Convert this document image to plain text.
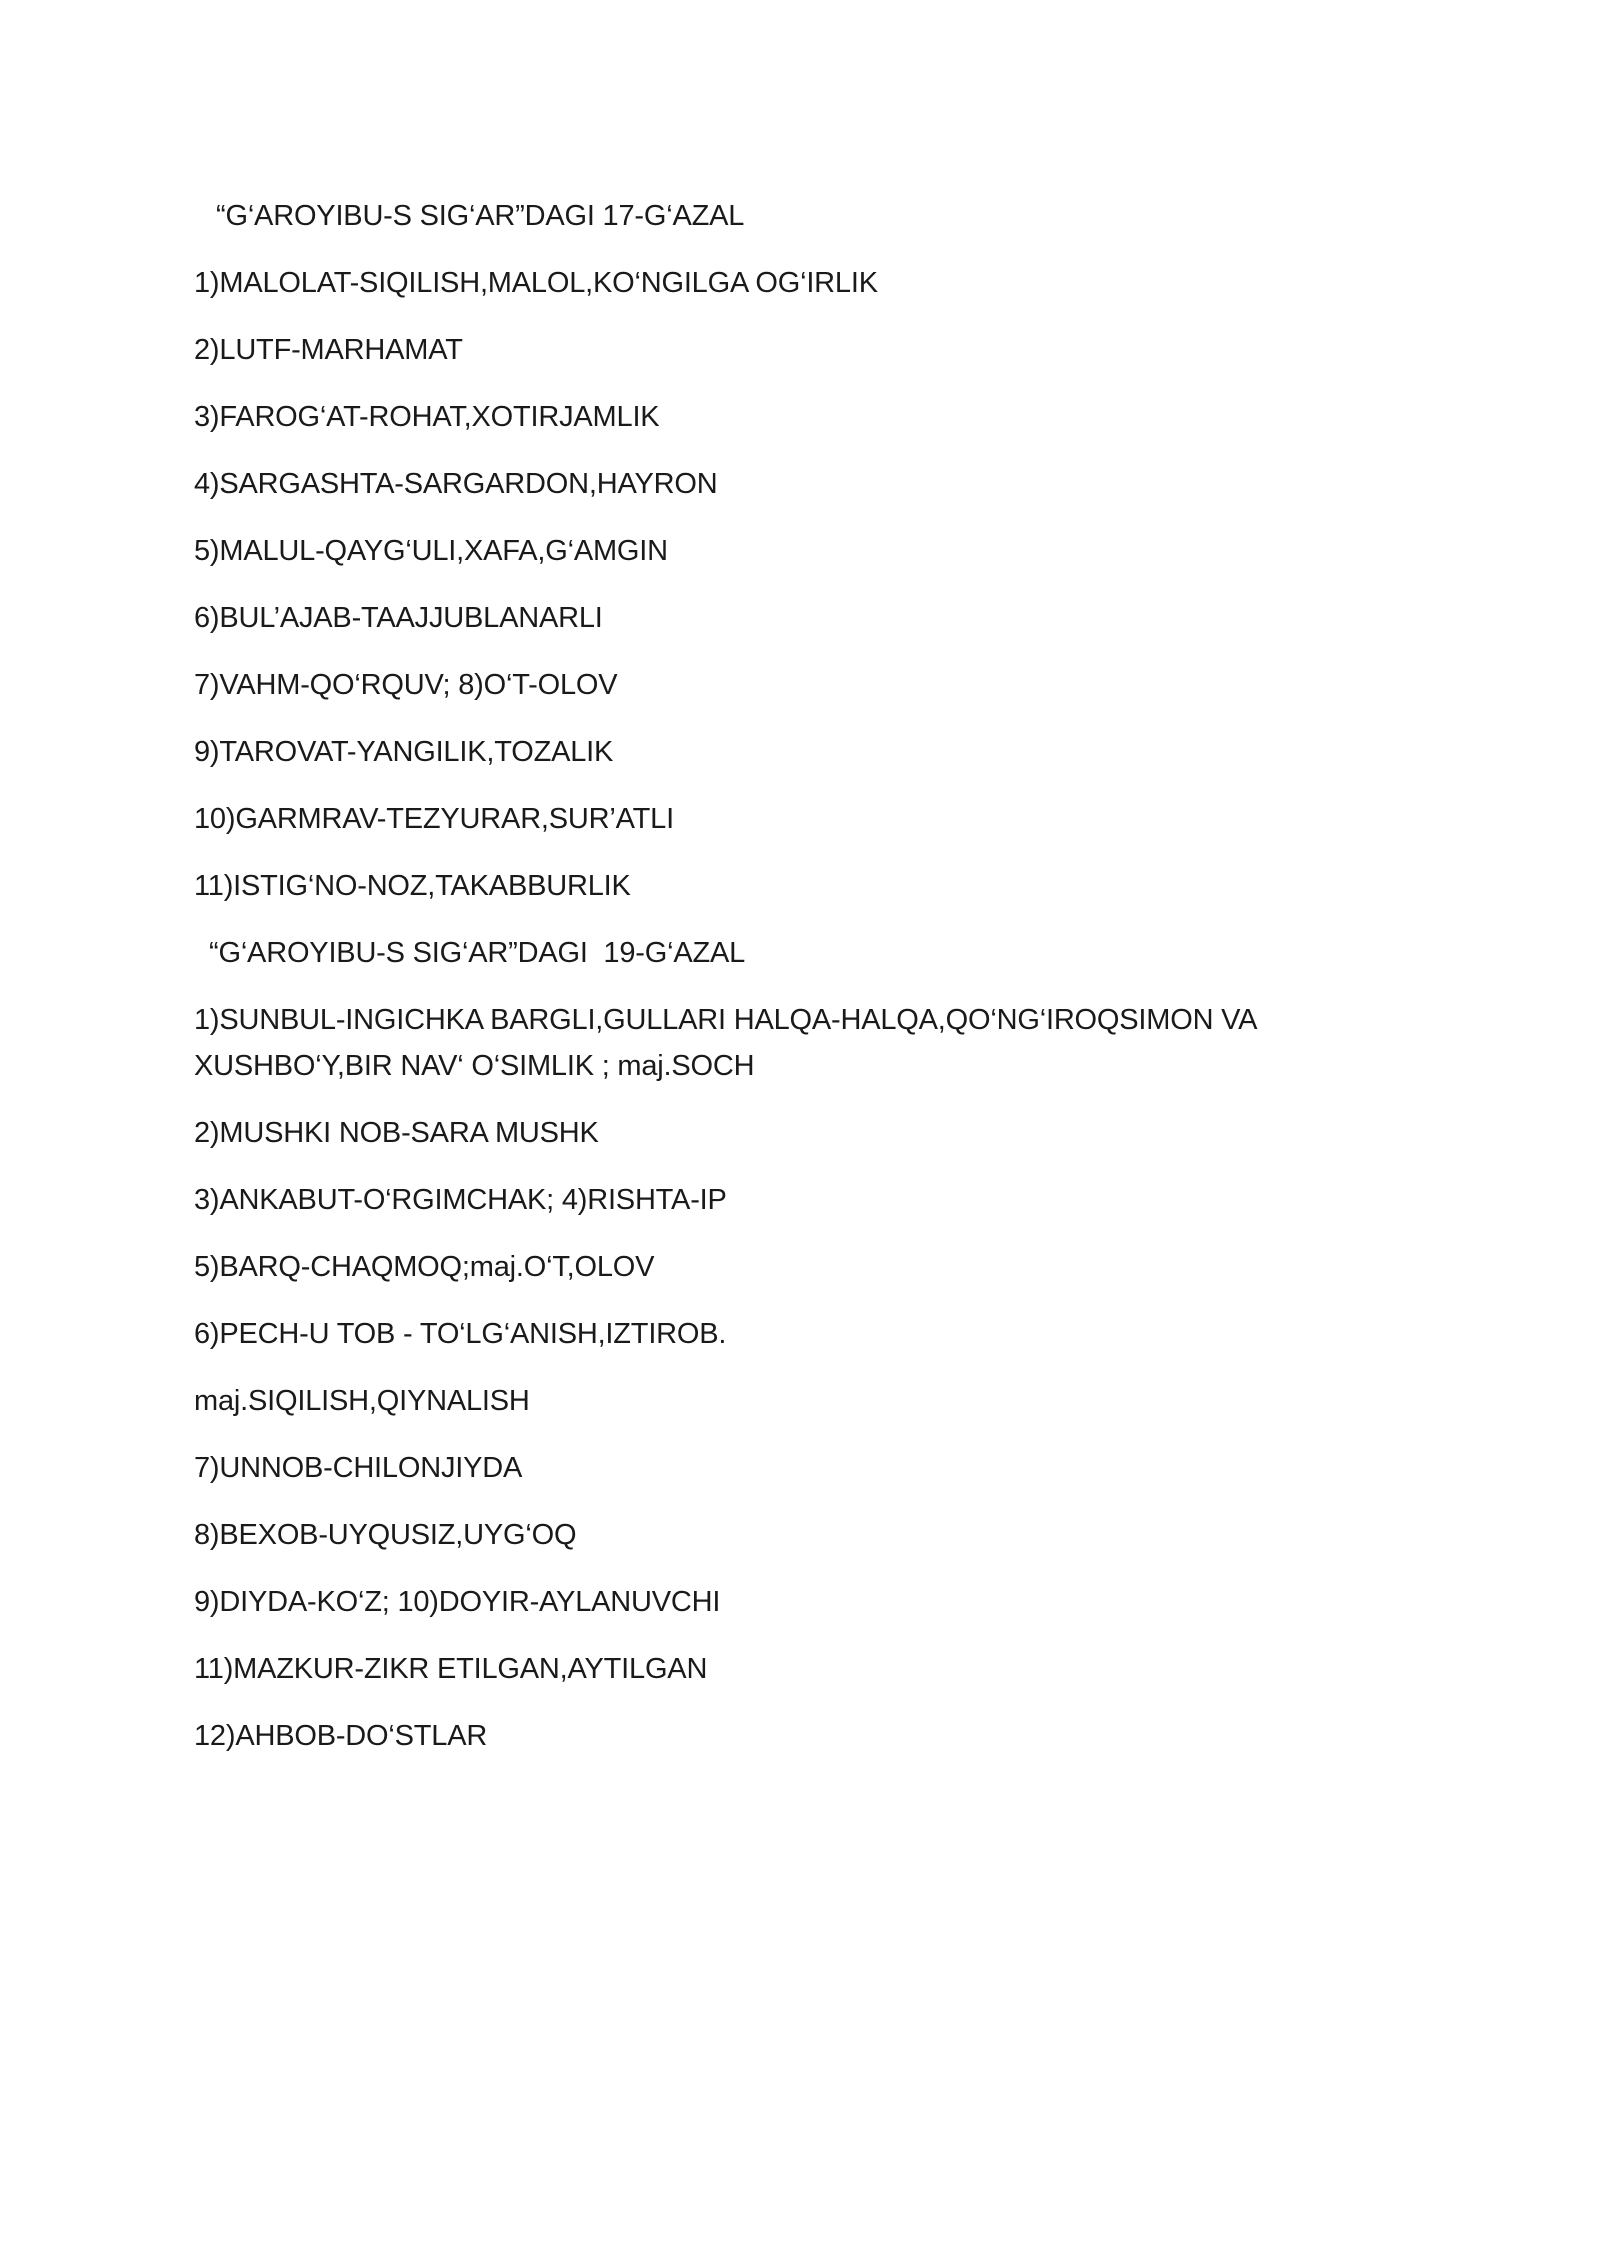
“G‘AROYIBU-S SIG‘AR”DAGI 17-G‘AZAL
1)MALOLAT-SIQILISH,MALOL,KO‘NGILGA OG‘IRLIK
2)LUTF-MARHAMAT
3)FAROG‘AT-ROHAT,XOTIRJAMLIK
4)SARGASHTA-SARGARDON,HAYRON
5)MALUL-QAYG‘ULI,XAFA,G‘AMGIN
6)BUL’AJAB-TAAJJUBLANARLI
7)VAHM-QO‘RQUV; 8)O‘T-OLOV
9)TAROVAT-YANGILIK,TOZALIK
10)GARMRAV-TEZYURAR,SUR’ATLI
11)ISTIG‘NO-NOZ,TAKABBURLIK
“G‘AROYIBU-S SIG‘AR”DAGI  19-G‘AZAL
1)SUNBUL-INGICHKA BARGLI,GULLARI HALQA-HALQA,QO‘NG‘IROQSIMON VA XUSHBO‘Y,BIR NAV‘ O‘SIMLIK ; maj.SOCH
2)MUSHKI NOB-SARA MUSHK
3)ANKABUT-O‘RGIMCHAK; 4)RISHTA-IP
5)BARQ-CHAQMOQ;maj.O‘T,OLOV
6)PECH-U TOB - TO‘LG‘ANISH,IZTIROB.
maj.SIQILISH,QIYNALISH
7)UNNOB-CHILONJIYDA
8)BEXOB-UYQUSIZ,UYG‘OQ
9)DIYDA-KO‘Z; 10)DOYIR-AYLANUVCHI
11)MAZKUR-ZIKR ETILGAN,AYTILGAN
12)AHBOB-DO‘STLAR
